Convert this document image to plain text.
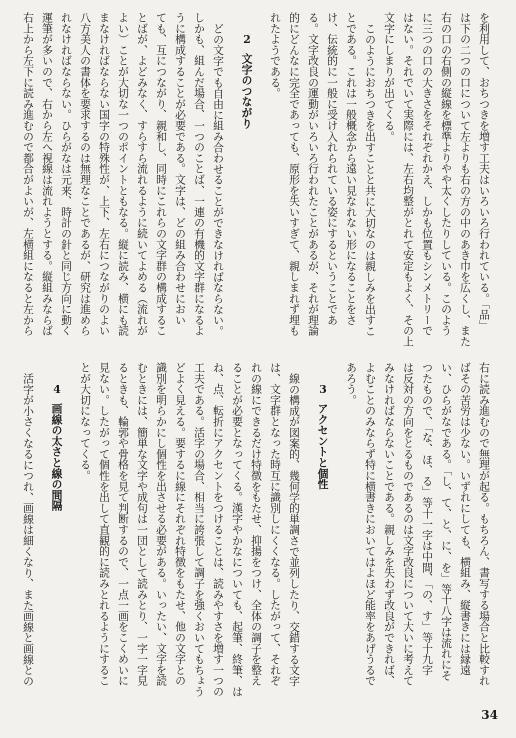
を利用して、おちつきを増す工夫はいろいろ行われている。「品」
は下の二つの口について左よりも右の方の中のあき巾を広くし、また
右の口の右側の縦線を標準よりやや太くしたりしている。このよう
に三つの口の大きさをそれぞれかえ、しかも位置もシンメトリーで
はない。それでいて実際には、左右均整がとれて安定もよく、その上
文字にしまりが出てくる。
このようにおちつきを出すことと共に大切なのは親しみを出すこ
とである。これは一般概念から遠い見なれない形になることをさ
け、伝統的に一般に受け入れられている姿にするということであ
る。文字改良の運動がいろいろ行われたことがあるが、それが理論
的にどんなに完全であっても、原形を失いすぎて、親しまれず埋も
れたようである。
2文字のつながり
どの文字でも自由に組み合わせることができなければならない。
しかも、組んだ場合、一つのことば、一連の有機的文字群になるよ
うに構成することが必要である。文字は、どの組み合わせにおい
ても、互につながり、親和し、同時にこれらの文字群の構成するこ
とばが、よどみなく、すらすら流れるように続いてよめる（流れが
よい）ことが大切な一つのポイントともなる。縦に読み、横にも読
まなければならない国字の特殊性が、上下、左右につながりのよい
八方美人の書体を要求するのは無理なことであるが、研究は進めら
れなければならない。ひらがなは元来、時計の針と同じ方向に動く
運筆が多いので、右から左へ視線は流れようとする。縦組みならば
右上から左下に読み進むので都合がよいが、左横組になると左から
右に読み進むので無理が起る。もちろん、書写する場合と比較すれ
ばその苦労は少ない。いずれにしても、横組み、縦書きには縁遠
い、ひらがなである。「し、て、と、に、を」等十八字は流れにそ
つたもので、「な、ほ、る」等十一字は中間、「の、す」等十九字
は反対の方向をとるものであるのは文字改良について大いに考えて
みなければならないことである。親しみを失わず改良ができれば、
よむことのみならず特に横書きにおいてはよほど能率をあげうるで
あろう。
3アクセントと個性
線の構成が図案的、幾何学的単調さで並列したり、交錯する文字
は、文字群となった時互に識別しにくくなる。したがって、それぞ
れの線にできるだけ特徴をもたせ、抑揚をつけ、全体の調子を整え
ることが必要となってくる。漢字やかなについても、起筆、終筆、は
ね、点、転折にアクセントをつけることは、読みやすさを増す一つの
工夫である。活字の場合、相当に誇張して調子を強くおいてもちょう
どよく見える。要するに線にそれぞれ特徴をもたせ、他の文字との
識別を明らかにし個性を出させる必要がある。いったい、文字を読
むときには、簡単な文字や成句は一団として読みとり、一字一字見
るときも、輪郭や骨格を見て判断するので、一点一画をこくめいに
見ない。したがって個性を出して直観的に読みとれるようにするこ
とが大切になってくる。
4画線の太さと線の間隔
活字が小さくなるにつれ、画線は細くなり、また画線と画線との
34
